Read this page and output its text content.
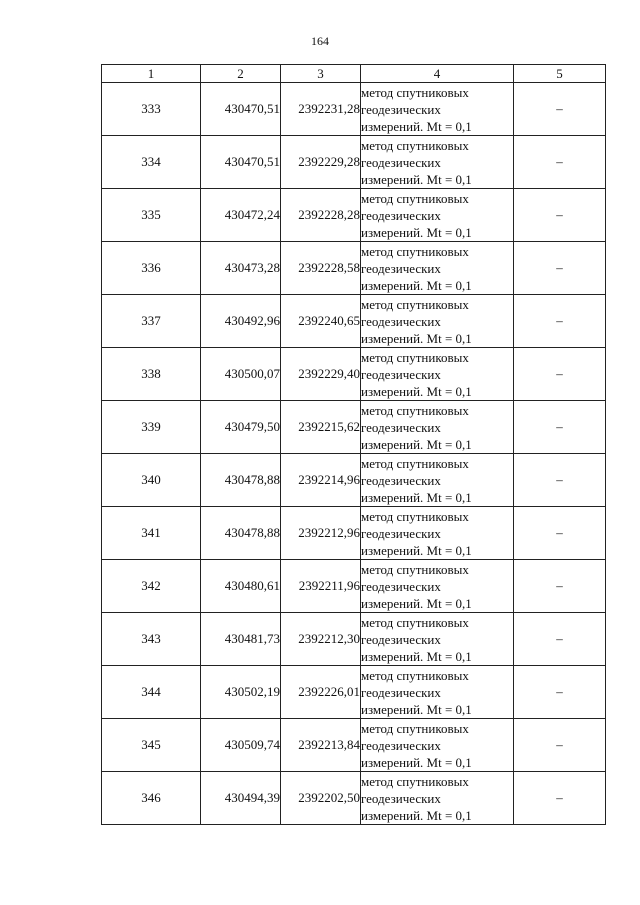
164
1	2	3	4	5
333	430470,51	2392231,28	метод спутниковых
геодезических
измерений. Mt = 0,1	–
334	430470,51	2392229,28	метод спутниковых
геодезических
измерений. Mt = 0,1	–
335	430472,24	2392228,28	метод спутниковых
геодезических
измерений. Mt = 0,1	–
336	430473,28	2392228,58	метод спутниковых
геодезических
измерений. Mt = 0,1	–
337	430492,96	2392240,65	метод спутниковых
геодезических
измерений. Mt = 0,1	–
338	430500,07	2392229,40	метод спутниковых
геодезических
измерений. Mt = 0,1	–
339	430479,50	2392215,62	метод спутниковых
геодезических
измерений. Mt = 0,1	–
340	430478,88	2392214,96	метод спутниковых
геодезических
измерений. Mt = 0,1	–
341	430478,88	2392212,96	метод спутниковых
геодезических
измерений. Mt = 0,1	–
342	430480,61	2392211,96	метод спутниковых
геодезических
измерений. Mt = 0,1	–
343	430481,73	2392212,30	метод спутниковых
геодезических
измерений. Mt = 0,1	–
344	430502,19	2392226,01	метод спутниковых
геодезических
измерений. Mt = 0,1	–
345	430509,74	2392213,84	метод спутниковых
геодезических
измерений. Mt = 0,1	–
346	430494,39	2392202,50	метод спутниковых
геодезических
измерений. Mt = 0,1	–
